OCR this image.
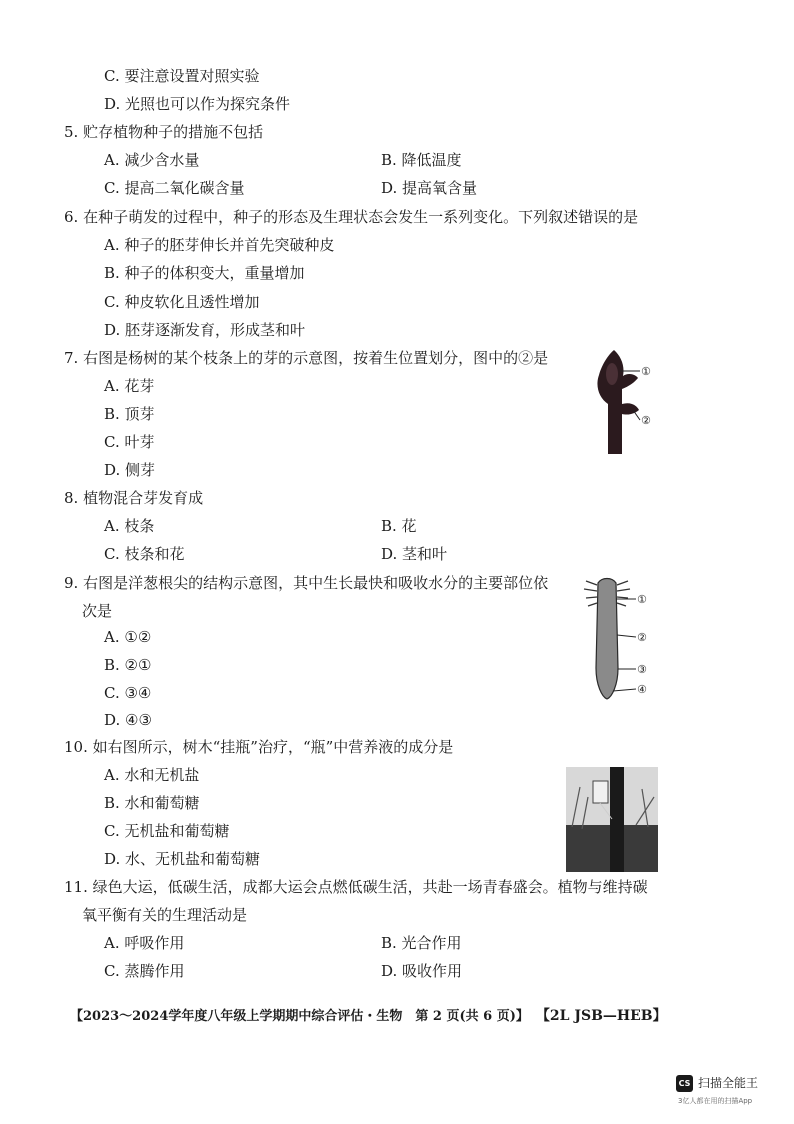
C. 要注意设置对照实验
D. 光照也可以作为探究条件
5. 贮存植物种子的措施不包括
A. 减少含水量	B. 降低温度
C. 提高二氧化碳含量	D. 提高氧含量
6. 在种子萌发的过程中，种子的形态及生理状态会发生一系列变化。下列叙述错误的是
A. 种子的胚芽伸长并首先突破种皮
B. 种子的体积变大，重量增加
C. 种皮软化且透性增加
D. 胚芽逐渐发育，形成茎和叶
7. 右图是杨树的某个枝条上的芽的示意图，按着生位置划分，图中的②是
A. 花芽
B. 顶芽
C. 叶芽
D. 侧芽
①
②
8. 植物混合芽发育成
A. 枝条	B. 花
C. 枝条和花	D. 茎和叶
9. 右图是洋葱根尖的结构示意图，其中生长最快和吸收水分的主要部位依
次是
A. ①②
B. ②①
C. ③④
D. ④③
①
②
③
④
10. 如右图所示，树木“挂瓶”治疗，“瓶”中营养液的成分是
A. 水和无机盐
B. 水和葡萄糖
C. 无机盐和葡萄糖
D. 水、无机盐和葡萄糖
11. 绿色大运，低碳生活，成都大运会点燃低碳生活，共赴一场青春盛会。植物与维持碳
氧平衡有关的生理活动是
A. 呼吸作用	B. 光合作用
C. 蒸腾作用	D. 吸收作用
【2023～2024学年度八年级上学期期中综合评估・生物　第 2 页(共 6 页)】 【2L JSB—HEB】
CS 扫描全能王
3亿人都在用的扫描App
